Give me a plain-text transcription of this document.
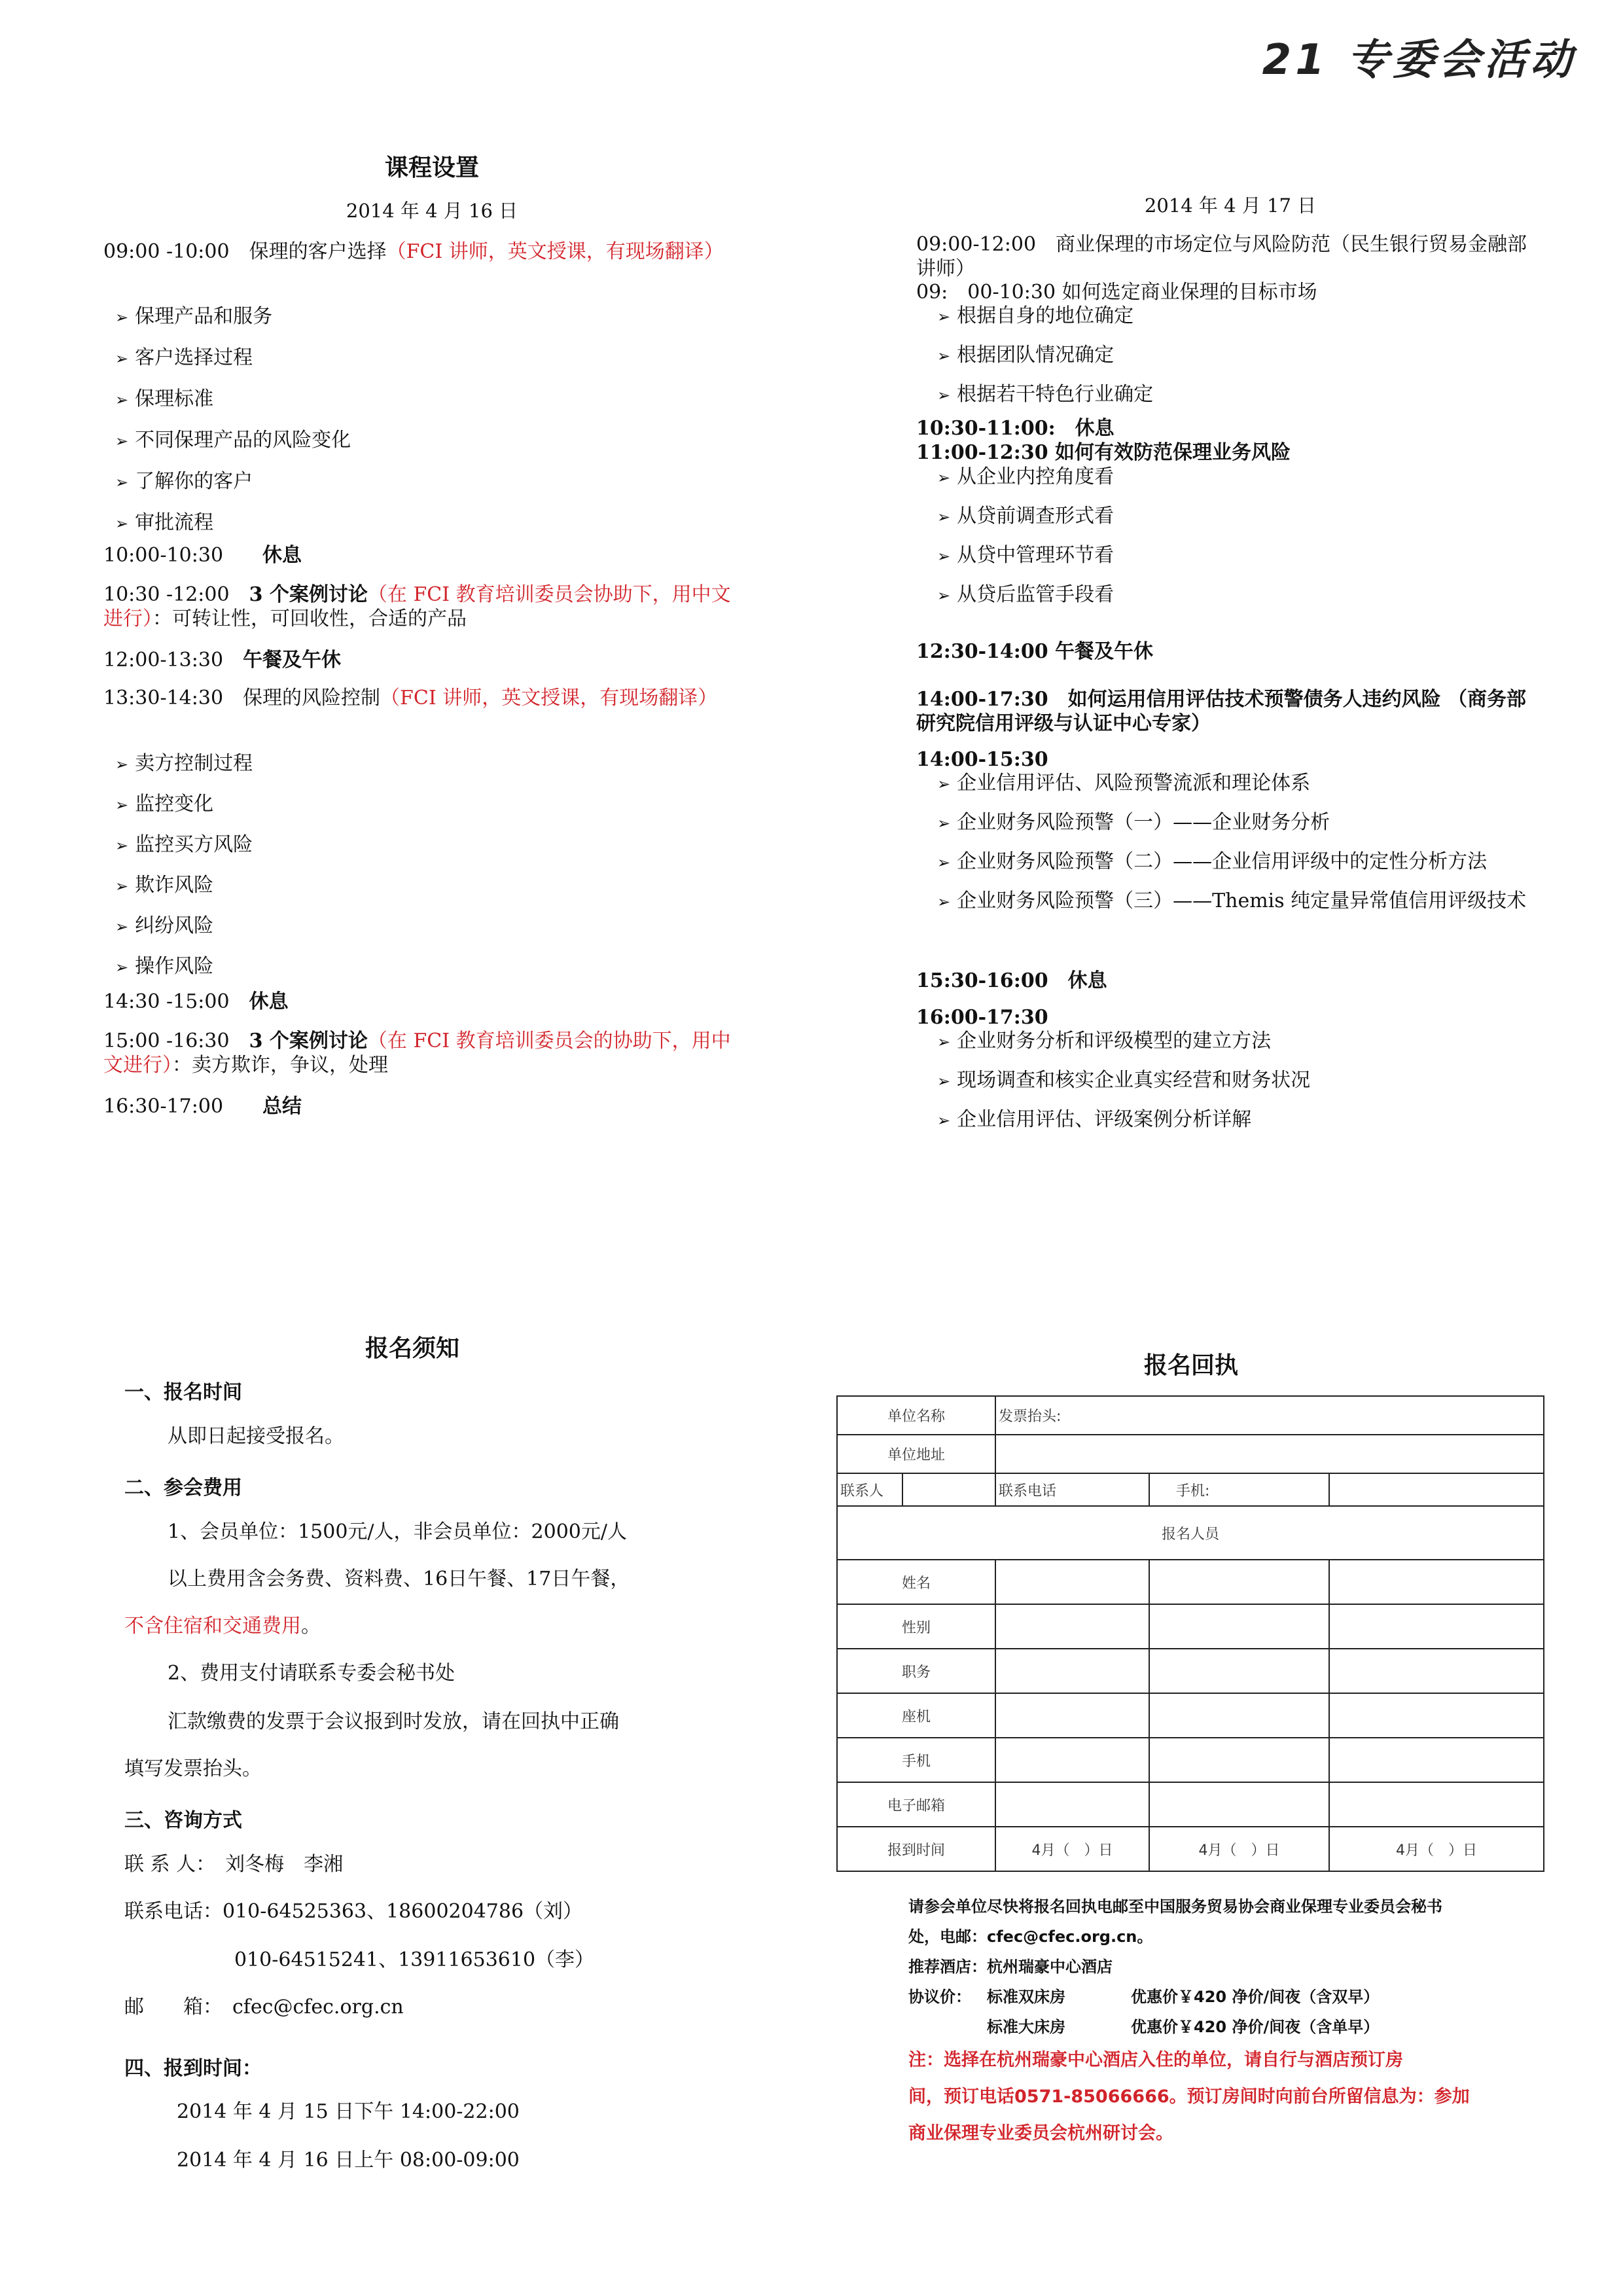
21 专委会活动
课程设置
2014 年 4 月 16 日
09:00 -10:00　 保理的客户选择（FCI 讲师，英文授课，有现场翻译）
➢ 保理产品和服务
➢ 客户选择过程
➢ 保理标准
➢ 不同保理产品的风险变化
➢ 了解你的客户
➢ 审批流程
10:00-10:30　　 休息
10:30 -12:00　 3 个案例讨论（在 FCI 教育培训委员会协助下，用中文进行）：可转让性，可回收性，合适的产品
12:00-13:30　 午餐及午休
13:30-14:30　 保理的风险控制（FCI 讲师，英文授课，有现场翻译）
➢ 卖方控制过程
➢ 监控变化
➢ 监控买方风险
➢ 欺诈风险
➢ 纠纷风险
➢ 操作风险
14:30 -15:00　 休息
15:00 -16:30　 3 个案例讨论（在 FCI 教育培训委员会的协助下，用中文进行）：卖方欺诈，争议，处理
16:30-17:00　　 总结
2014 年 4 月 17 日
09:00-12:00　商业保理的市场定位与风险防范（民生银行贸易金融部讲师）
09:　00-10:30 如何选定商业保理的目标市场
➢ 根据自身的地位确定
➢ 根据团队情况确定
➢ 根据若干特色行业确定
10:30-11:00:　休息
11:00-12:30 如何有效防范保理业务风险
➢ 从企业内控角度看
➢ 从贷前调查形式看
➢ 从贷中管理环节看
➢ 从贷后监管手段看
12:30-14:00 午餐及午休
14:00-17:30　如何运用信用评估技术预警债务人违约风险 （商务部研究院信用评级与认证中心专家）
14:00-15:30
➢ 企业信用评估、风险预警流派和理论体系
➢ 企业财务风险预警（一）——企业财务分析
➢ 企业财务风险预警（二）——企业信用评级中的定性分析方法
➢ 企业财务风险预警（三）——Themis 纯定量异常值信用评级技术
15:30-16:00　休息
16:00-17:30
➢ 企业财务分析和评级模型的建立方法
➢ 现场调查和核实企业真实经营和财务状况
➢ 企业信用评估、评级案例分析详解
报名须知
一、报名时间
从即日起接受报名。
二、参会费用
1、会员单位：1500元/人，非会员单位：2000元/人
以上费用含会务费、资料费、16日午餐、17日午餐，
不含住宿和交通费用。
2、费用支付请联系专委会秘书处
汇款缴费的发票于会议报到时发放，请在回执中正确
填写发票抬头。
三、咨询方式
联 系 人：　刘冬梅　李湘
联系电话：010-64525363、18600204786（刘）
010-64515241、13911653610（李）
邮　　箱：　cfec@cfec.org.cn
四、报到时间：
2014 年 4 月 15 日下午 14:00-22:00
2014 年 4 月 16 日上午 08:00-09:00
报名回执
单位名称		发票抬头:		
单位地址				
联系人		联系电话	手机:	
报名人员				
姓名				
性别				
职务				
座机				
手机				
电子邮箱				
报到时间		4月（　）日	4月（　）日	4月（　）日
请参会单位尽快将报名回执电邮至中国服务贸易协会商业保理专业委员会秘书
处，电邮：cfec@cfec.org.cn。
推荐酒店：杭州瑞豪中心酒店
协议价： 标准双床房	优惠价￥420 净价/间夜（含双早）
标准大床房	优惠价￥420 净价/间夜（含单早）
注：选择在杭州瑞豪中心酒店入住的单位，请自行与酒店预订房
间，预订电话0571-85066666。预订房间时向前台所留信息为：参加
商业保理专业委员会杭州研讨会。
